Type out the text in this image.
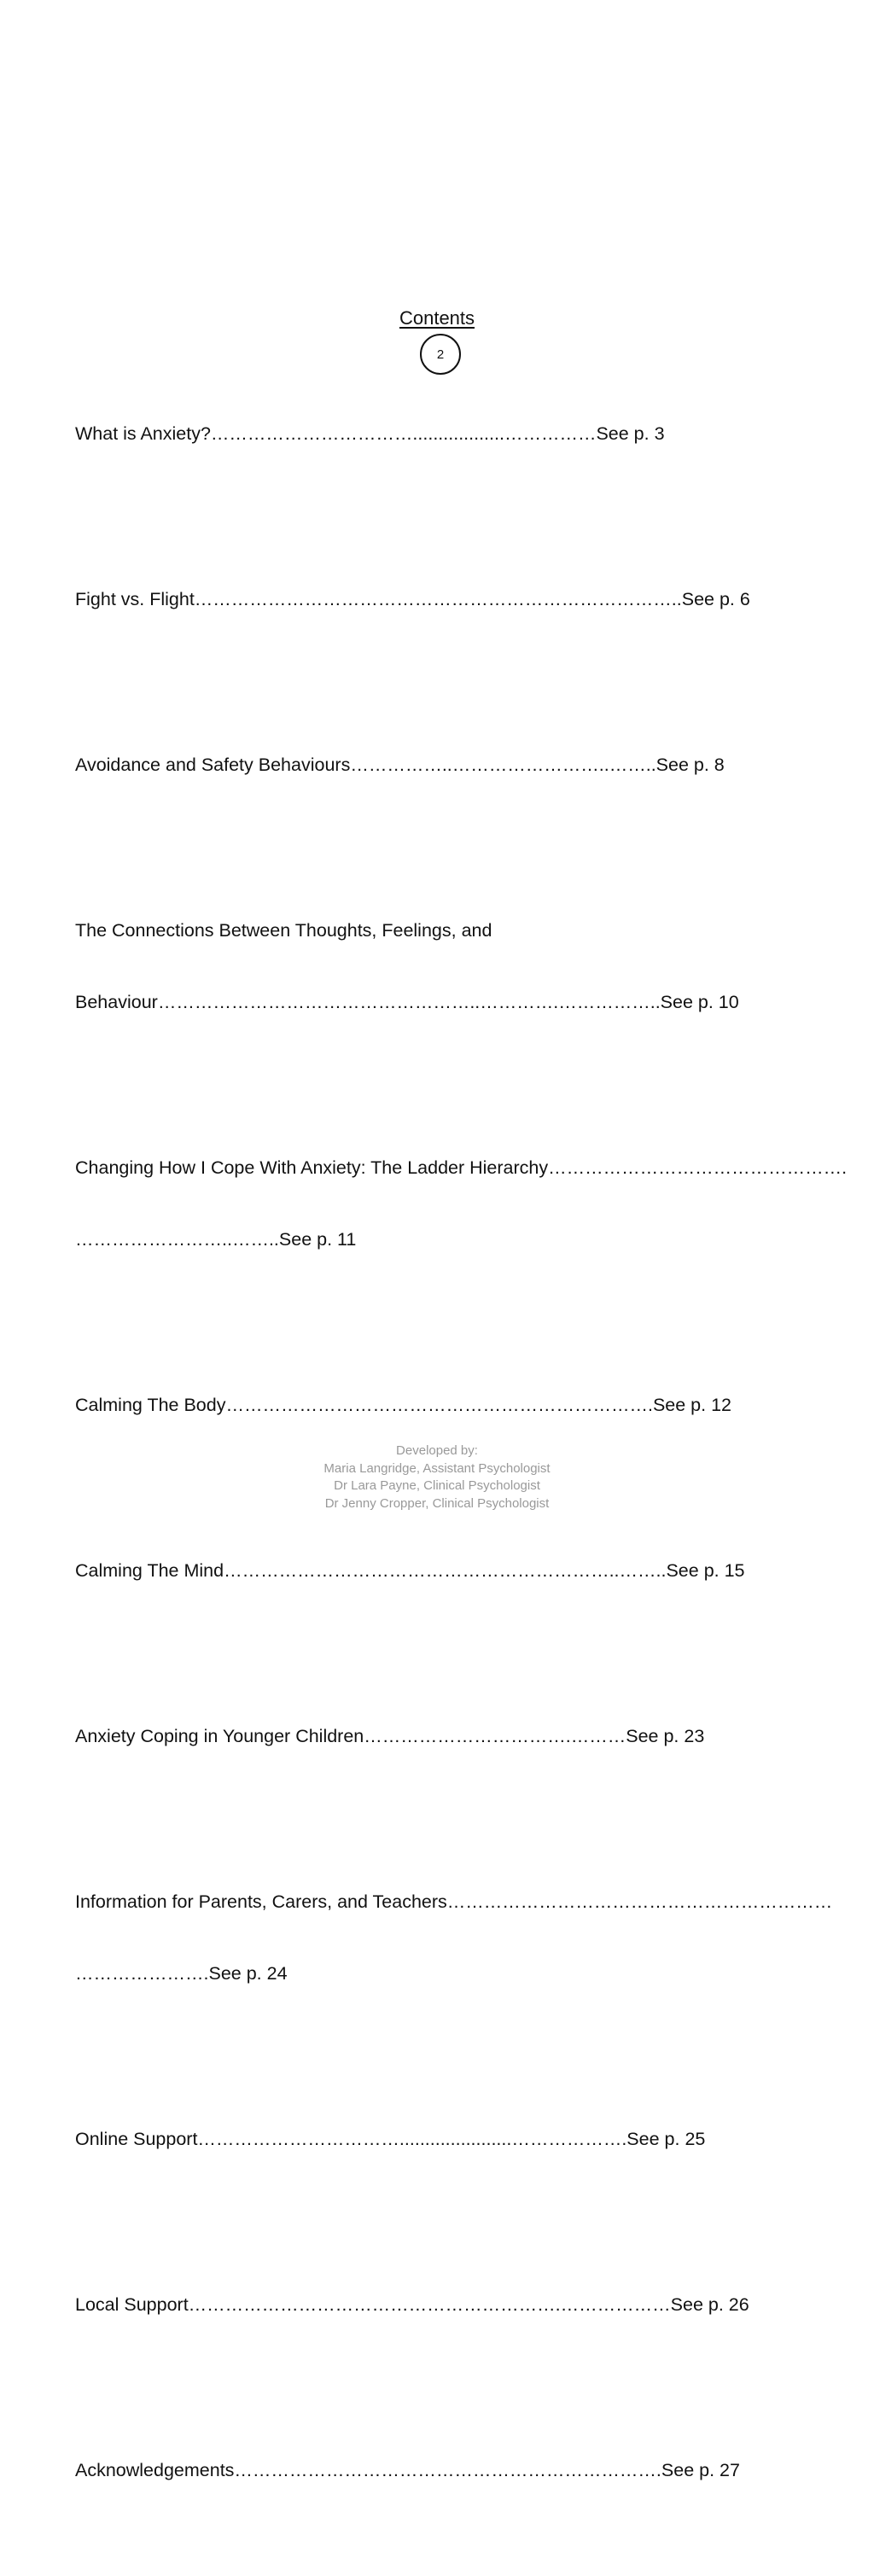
Contents
2

What is Anxiety?……………………………..................……………See p. 3

Fight vs. Flight……………………………………………………………………..See p. 6

Avoidance and Safety Behaviours……………..……………………..……..See p. 8

The Connections Between Thoughts, Feelings, and

Behaviour……………………………………………..………….……………..See p. 10

Changing How I Cope With Anxiety: The Ladder Hierarchy………………………………………….

……………………..……..See p. 11

Calming The Body…………………………………………………………….See p. 12

Calming The Mind………………………………………………………..……..See p. 15

Anxiety Coping in Younger Children…………………………….………See p. 23

Information for Parents, Carers, and Teachers………………………………………………………

………………….See p. 24

Online Support……………………………......................……………….See p. 25

Local Support…………………………………………………….………………See p. 26

Acknowledgements…………………………………………………………….See p. 27

Developed by:
Maria Langridge, Assistant Psychologist
Dr Lara Payne, Clinical Psychologist
Dr Jenny Cropper, Clinical Psychologist
